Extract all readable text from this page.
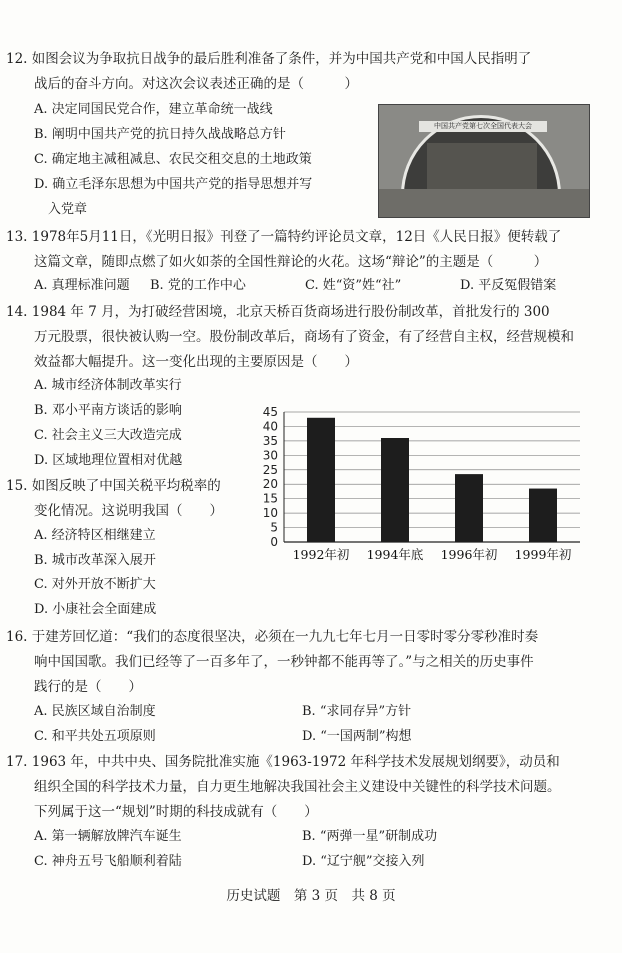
12. 如图会议为争取抗日战争的最后胜利准备了条件，并为中国共产党和中国人民指明了
战后的奋斗方向。对这次会议表述正确的是（　　　）
A. 决定同国民党合作，建立革命统一战线
B. 阐明中国共产党的抗日持久战战略总方针
C. 确定地主减租减息、农民交租交息的土地政策
D. 确立毛泽东思想为中国共产党的指导思想并写
入党章
中国共产党第七次全国代表大会
13. 1978年5月11日，《光明日报》刊登了一篇特约评论员文章，12日《人民日报》便转载了
这篇文章，随即点燃了如火如荼的全国性辩论的火花。这场“辩论”的主题是（　　　）
A. 真理标准问题 B. 党的工作中心	C. 姓“资”姓“社”	D. 平反冤假错案
14. 1984 年 7 月，为打破经营困境，北京天桥百货商场进行股份制改革，首批发行的 300
万元股票，很快被认购一空。股份制改革后，商场有了资金，有了经营自主权，经营规模和
效益都大幅提升。这一变化出现的主要原因是（　　）
A. 城市经济体制改革实行
B. 邓小平南方谈话的影响
C. 社会主义三大改造完成
D. 区域地理位置相对优越
15. 如图反映了中国关税平均税率的
变化情况。这说明我国（　　）
A. 经济特区相继建立
B. 城市改革深入展开
C. 对外开放不断扩大
D. 小康社会全面建成
0
5
10
15
20
25
30
35
40
45
1992年初 1994年底 1996年初 1999年初
16. 于建芳回忆道：“我们的态度很坚决，必须在一九九七年七月一日零时零分零秒准时奏
响中国国歌。我们已经等了一百多年了，一秒钟都不能再等了。”与之相关的历史事件
践行的是（　　）
A. 民族区域自治制度	B. “求同存异”方针
C. 和平共处五项原则	D. “一国两制”构想
17. 1963 年，中共中央、国务院批准实施《1963-1972 年科学技术发展规划纲要》，动员和
组织全国的科学技术力量，自力更生地解决我国社会主义建设中关键性的科学技术问题。
下列属于这一“规划”时期的科技成就有（　　）
A. 第一辆解放牌汽车诞生	B. “两弹一星”研制成功
C. 神舟五号飞船顺利着陆	D. “辽宁舰”交接入列
历史试题　第 3 页　共 8 页
